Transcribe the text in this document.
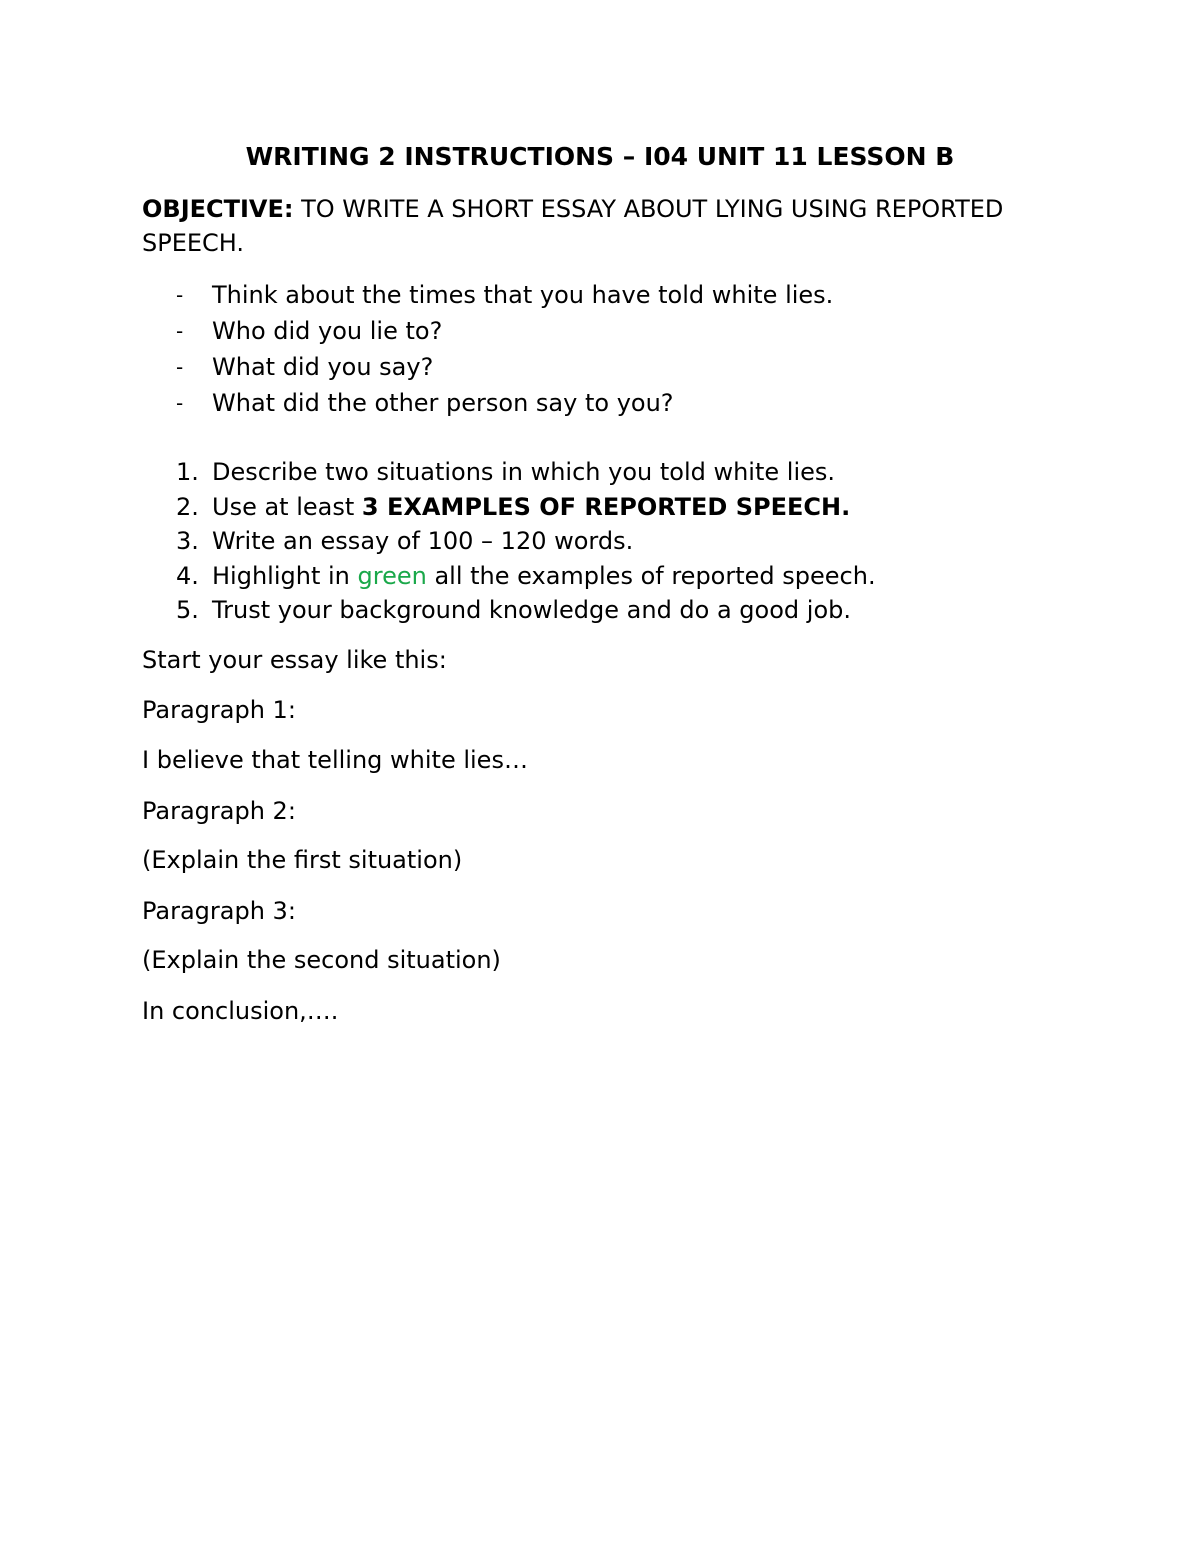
WRITING 2 INSTRUCTIONS – I04 UNIT 11 LESSON B

OBJECTIVE: TO WRITE A SHORT ESSAY ABOUT LYING USING REPORTED SPEECH.

- Think about the times that you have told white lies.
- Who did you lie to?
- What did you say?
- What did the other person say to you?
1. Describe two situations in which you told white lies.
2. Use at least 3 EXAMPLES OF REPORTED SPEECH.
3. Write an essay of 100 – 120 words.
4. Highlight in green all the examples of reported speech.
5. Trust your background knowledge and do a good job.

Start your essay like this:

Paragraph 1:

I believe that telling white lies…

Paragraph 2:

(Explain the first situation)

Paragraph 3:

(Explain the second situation)

In conclusion,….
